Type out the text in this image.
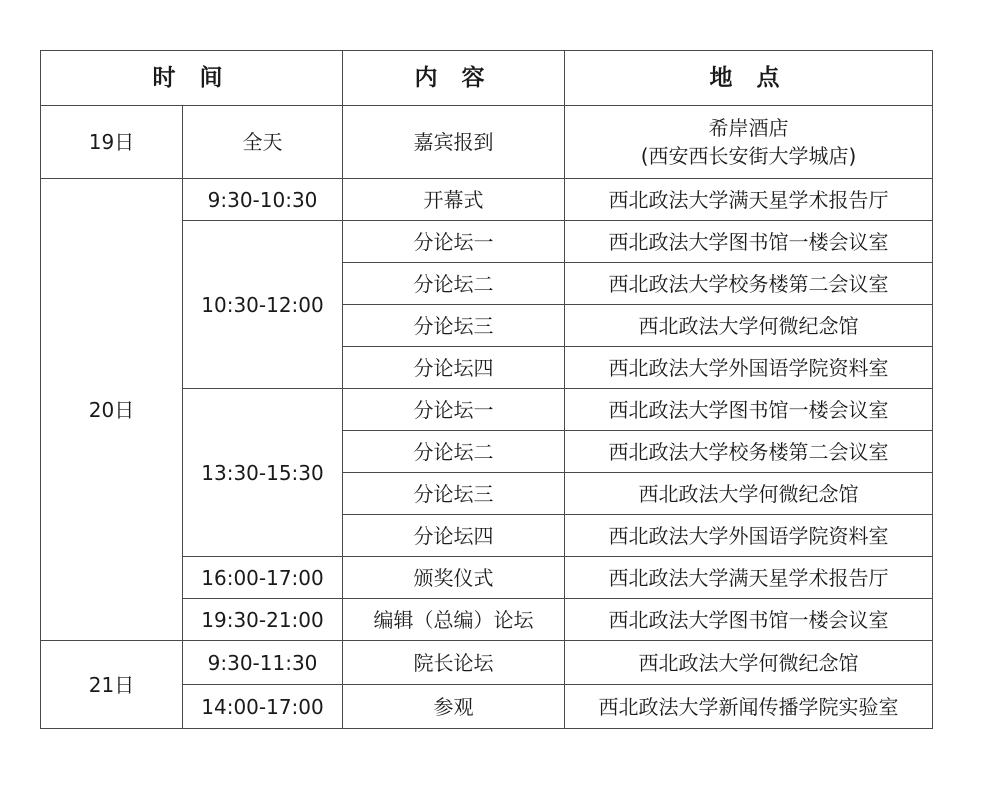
时 间		内 容	地 点
19日	全天	嘉宾报到	希岸酒店
(西安西长安街大学城店)

20日	9:30-10:30	开幕式	西北政法大学满天星学术报告厅
	10:30-12:00	分论坛一	西北政法大学图书馆一楼会议室
		分论坛二	西北政法大学校务楼第二会议室
		分论坛三	西北政法大学何微纪念馆
		分论坛四	西北政法大学外国语学院资料室
	13:30-15:30	分论坛一	西北政法大学图书馆一楼会议室
		分论坛二	西北政法大学校务楼第二会议室
		分论坛三	西北政法大学何微纪念馆
		分论坛四	西北政法大学外国语学院资料室
	16:00-17:00	颁奖仪式	西北政法大学满天星学术报告厅
	19:30-21:00	编辑（总编）论坛	西北政法大学图书馆一楼会议室
21日	9:30-11:30	院长论坛	西北政法大学何微纪念馆
	14:00-17:00	参观	西北政法大学新闻传播学院实验室
